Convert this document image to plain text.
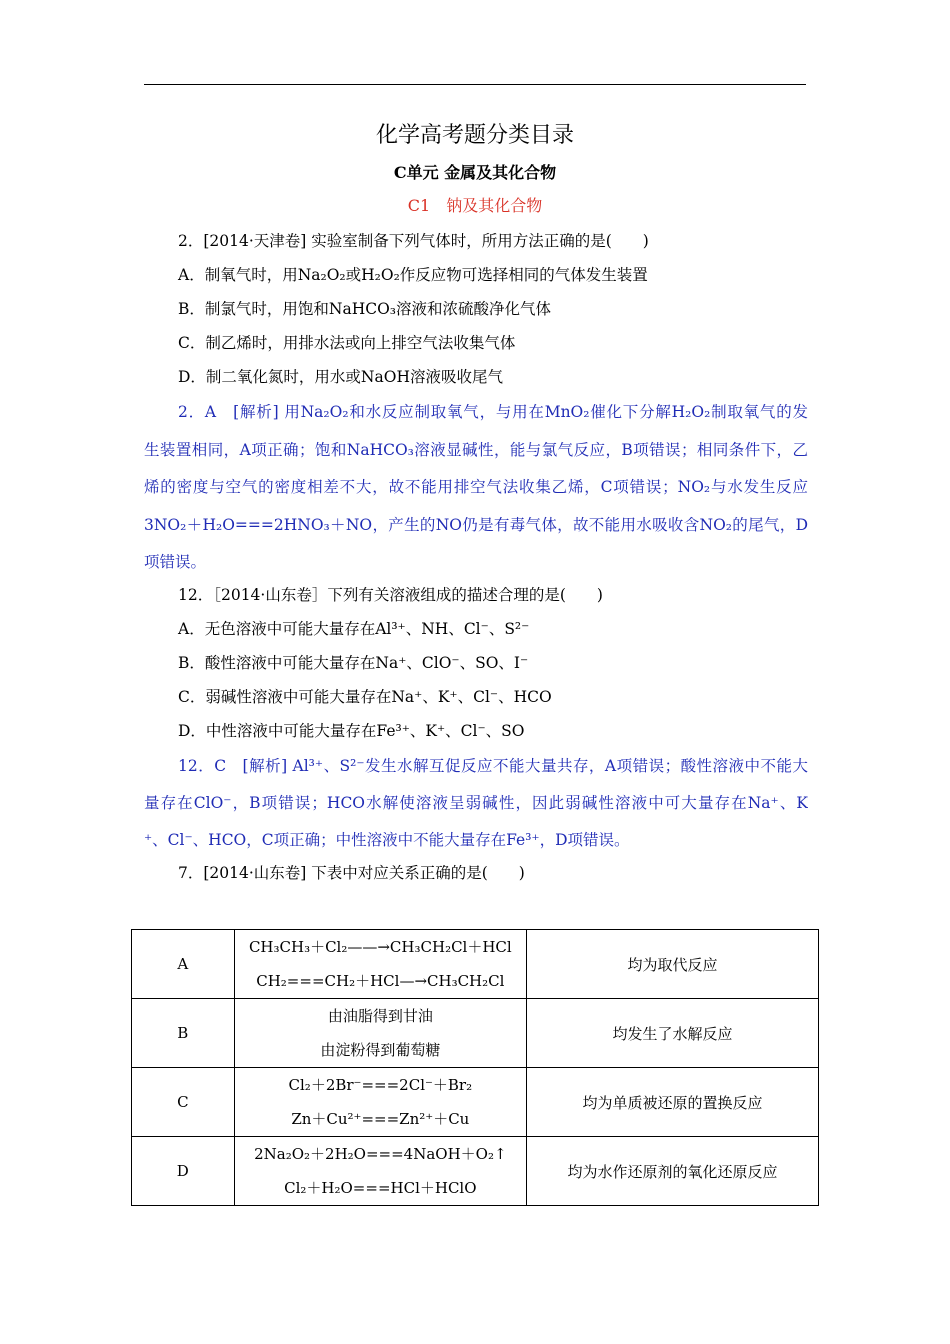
化学高考题分类目录
C单元 金属及其化合物
C1　钠及其化合物
2．[2014·天津卷] 实验室制备下列气体时，所用方法正确的是(　　)
A．制氧气时，用Na₂O₂或H₂O₂作反应物可选择相同的气体发生装置
B．制氯气时，用饱和NaHCO₃溶液和浓硫酸净化气体
C．制乙烯时，用排水法或向上排空气法收集气体
D．制二氧化氮时，用水或NaOH溶液吸收尾气
2．A　[解析] 用Na₂O₂和水反应制取氧气，与用在MnO₂催化下分解H₂O₂制取氧气的发
生装置相同，A项正确；饱和NaHCO₃溶液显碱性，能与氯气反应，B项错误；相同条件下，乙
烯的密度与空气的密度相差不大，故不能用排空气法收集乙烯，C项错误；NO₂与水发生反应
3NO₂＋H₂O===2HNO₃＋NO，产生的NO仍是有毒气体，故不能用水吸收含NO₂的尾气，D
项错误。
12．［2014·山东卷］下列有关溶液组成的描述合理的是(　　)
A．无色溶液中可能大量存在Al³⁺、NH、Cl⁻、S²⁻
B．酸性溶液中可能大量存在Na⁺、ClO⁻、SO、I⁻
C．弱碱性溶液中可能大量存在Na⁺、K⁺、Cl⁻、HCO
D．中性溶液中可能大量存在Fe³⁺、K⁺、Cl⁻、SO
12．C　[解析] Al³⁺、S²⁻发生水解互促反应不能大量共存，A项错误；酸性溶液中不能大
量存在ClO⁻，B项错误；HCO水解使溶液呈弱碱性，因此弱碱性溶液中可大量存在Na⁺、K
⁺、Cl⁻、HCO，C项正确；中性溶液中不能大量存在Fe³⁺，D项错误。
7．[2014·山东卷] 下表中对应关系正确的是(　　)
A	CH₃CH₃＋Cl₂——→CH₃CH₂Cl＋HCl
CH₂===CH₂＋HCl—→CH₃CH₂Cl	均为取代反应
B	由油脂得到甘油
由淀粉得到葡萄糖	均发生了水解反应
C	Cl₂＋2Br⁻===2Cl⁻＋Br₂
Zn＋Cu²⁺===Zn²⁺＋Cu	均为单质被还原的置换反应
D	2Na₂O₂＋2H₂O===4NaOH＋O₂↑
Cl₂＋H₂O===HCl＋HClO	均为水作还原剂的氧化还原反应
